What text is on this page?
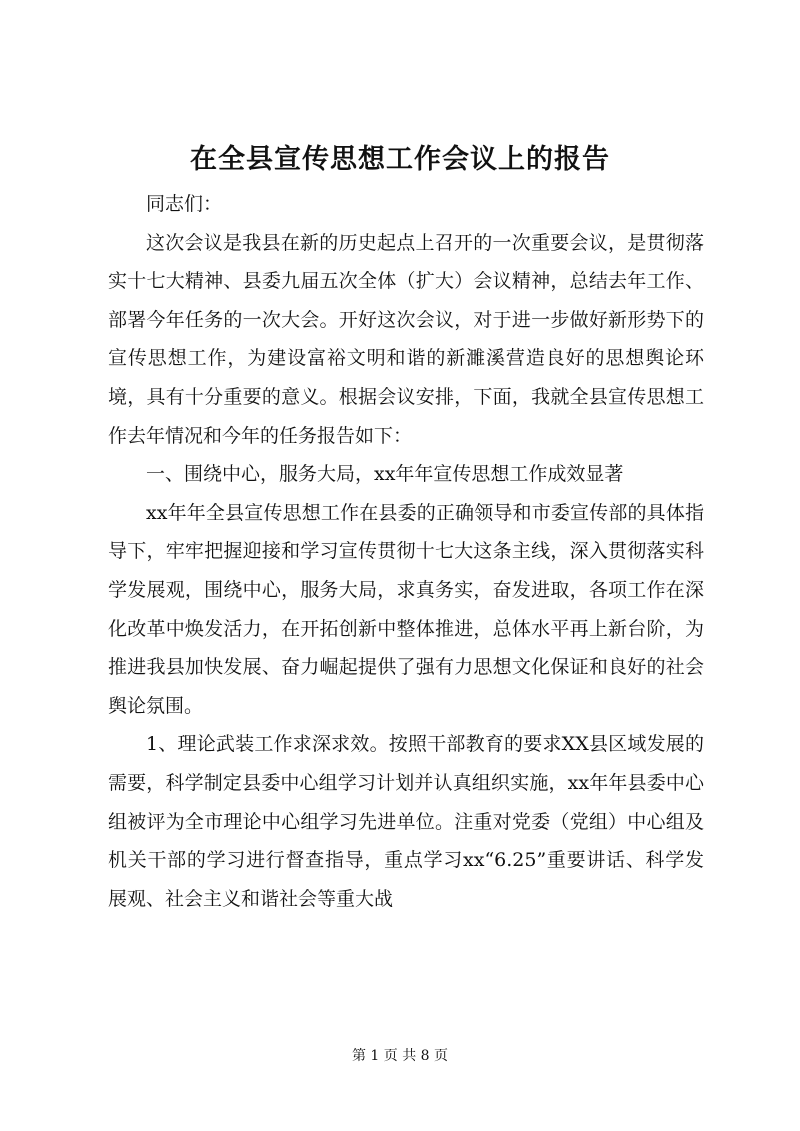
在全县宣传思想工作会议上的报告

同志们：

这次会议是我县在新的历史起点上召开的一次重要会议，是贯彻落实十七大精神、县委九届五次全体（扩大）会议精神，总结去年工作、部署今年任务的一次大会。开好这次会议，对于进一步做好新形势下的宣传思想工作，为建设富裕文明和谐的新濉溪营造良好的思想舆论环境，具有十分重要的意义。根据会议安排，下面，我就全县宣传思想工作去年情况和今年的任务报告如下：

一、围绕中心，服务大局，xx年年宣传思想工作成效显著

xx年年全县宣传思想工作在县委的正确领导和市委宣传部的具体指导下，牢牢把握迎接和学习宣传贯彻十七大这条主线，深入贯彻落实科学发展观，围绕中心，服务大局，求真务实，奋发进取，各项工作在深化改革中焕发活力，在开拓创新中整体推进，总体水平再上新台阶，为推进我县加快发展、奋力崛起提供了强有力思想文化保证和良好的社会舆论氛围。

1、理论武装工作求深求效。按照干部教育的要求XX县区域发展的需要，科学制定县委中心组学习计划并认真组织实施，xx年年县委中心组被评为全市理论中心组学习先进单位。注重对党委（党组）中心组及机关干部的学习进行督查指导，重点学习xx“6.25”重要讲话、科学发展观、社会主义和谐社会等重大战

第 1 页 共 8 页
